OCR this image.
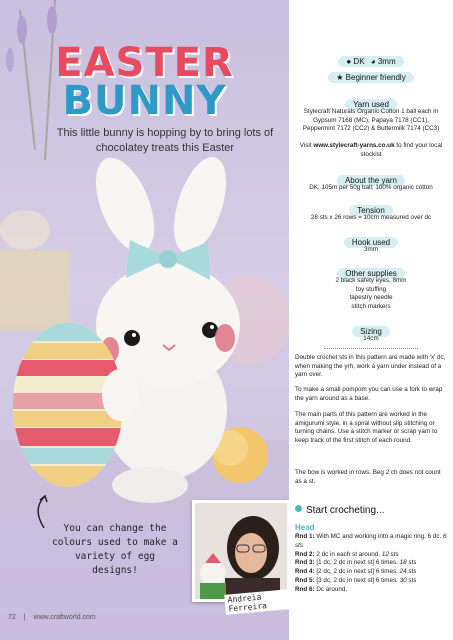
EASTER
BUNNY
This little bunny is hopping by to bring lots of chocolatey treats this Easter
You can change the colours used to make a variety of egg designs!
Andreia Ferreira
72 | www.craftworld.com
● DK ◕ 3mm
★ Beginner friendly
Yarn used
Stylecraft Naturals Organic Cotton 1 ball each in Gypsum 7168 (MC), Papaya 7178 (CC1), Peppermint 7172 (CC2) & Buttermilk 7174 (CC3)
Visit www.stylecraft-yarns.co.uk to find your local stockist
About the yarn
DK; 105m per 50g ball; 100% organic cotton
Tension
28 sts x 26 rows = 10cm measured over dc
Hook used
3mm
Other supplies
2 black safety eyes, 8mm
toy stuffing
tapestry needle
stitch markers
Sizing
14cm
Double crochet sts in this pattern are made with 'x' dc, when making the yrh, work a yarn under instead of a yarn over.
To make a small pompom you can use a fork to wrap the yarn around as a base.
The main parts of this pattern are worked in the amigurumi style, in a spiral without slip stitching or turning chains. Use a stitch marker or scrap yarn to keep track of the first stitch of each round.
The bow is worked in rows. Beg 2 ch does not count as a st.
Start crocheting...
Head
Rnd 1: With MC and working into a magic ring, 6 dc. 6 sts
Rnd 2: 2 dc in each st around. 12 sts
Rnd 3: [1 dc, 2 dc in next st] 6 times. 18 sts
Rnd 4: [2 dc, 2 dc in next st] 6 times. 24 sts
Rnd 5: [3 dc, 2 dc in next st] 6 times. 30 sts
Rnd 6: Dc around.
